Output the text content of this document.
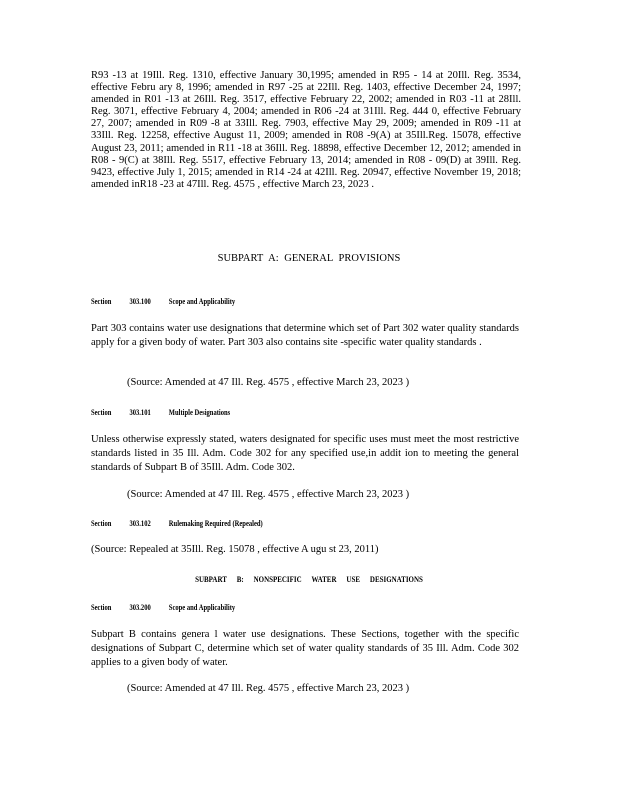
R93 -13 at 19Ill. Reg. 1310, effective January 30,1995; amended in R95 - 14 at 20Ill. Reg. 3534, effective Febru ary 8, 1996; amended in R97 -25 at 22Ill. Reg. 1403, effective December 24, 1997; amended in R01 -13 at 26Ill. Reg. 3517, effective February 22, 2002; amended in R03 -11 at 28Ill. Reg. 3071, effective February 4, 2004; amended in R06 -24 at 31Ill. Reg. 444 0, effective February 27, 2007; amended in R09 -8 at 33Ill. Reg. 7903, effective May 29, 2009; amended in R09 -11 at 33Ill. Reg. 12258, effective August 11, 2009; amended in R08 -9(A) at 35Ill.Reg. 15078, effective August 23, 2011; amended in R11 -18 at 36Ill. Reg. 18898, effective December 12, 2012; amended in R08 - 9(C) at 38Ill. Reg. 5517, effective February 13, 2014; amended in R08 - 09(D) at 39Ill. Reg. 9423, effective July 1, 2015; amended in R14 -24 at 42Ill. Reg. 20947, effective November 19, 2018; amended inR18 -23 at 47Ill. Reg. 4575 , effective March 23, 2023 .
SUBPART A: GENERAL PROVISIONS
Section 303.100 Scope and Applicability
Part 303 contains water use designations that determine which set of Part 302 water quality standards apply for a given body of water. Part 303 also contains site -specific water quality standards .
(Source: Amended at 47 Ill. Reg. 4575 , effective March 23, 2023 )
Section 303.101 Multiple Designations
Unless otherwise expressly stated, waters designated for specific uses must meet the most restrictive standards listed in 35 Ill. Adm. Code 302 for any specified use,in addit ion to meeting the general standards of Subpart B of 35Ill. Adm. Code 302.
(Source: Amended at 47 Ill. Reg. 4575 , effective March 23, 2023 )
Section 303.102 Rulemaking Required (Repealed)
(Source: Repealed at 35Ill. Reg. 15078 , effective A ugu st 23, 2011)
SUBPART B: NONSPECIFIC WATER USE DESIGNATIONS
Section 303.200 Scope and Applicability
Subpart B contains genera l water use designations. These Sections, together with the specific designations of Subpart C, determine which set of water quality standards of 35 Ill. Adm. Code 302 applies to a given body of water.
(Source: Amended at 47 Ill. Reg. 4575 , effective March 23, 2023 )
